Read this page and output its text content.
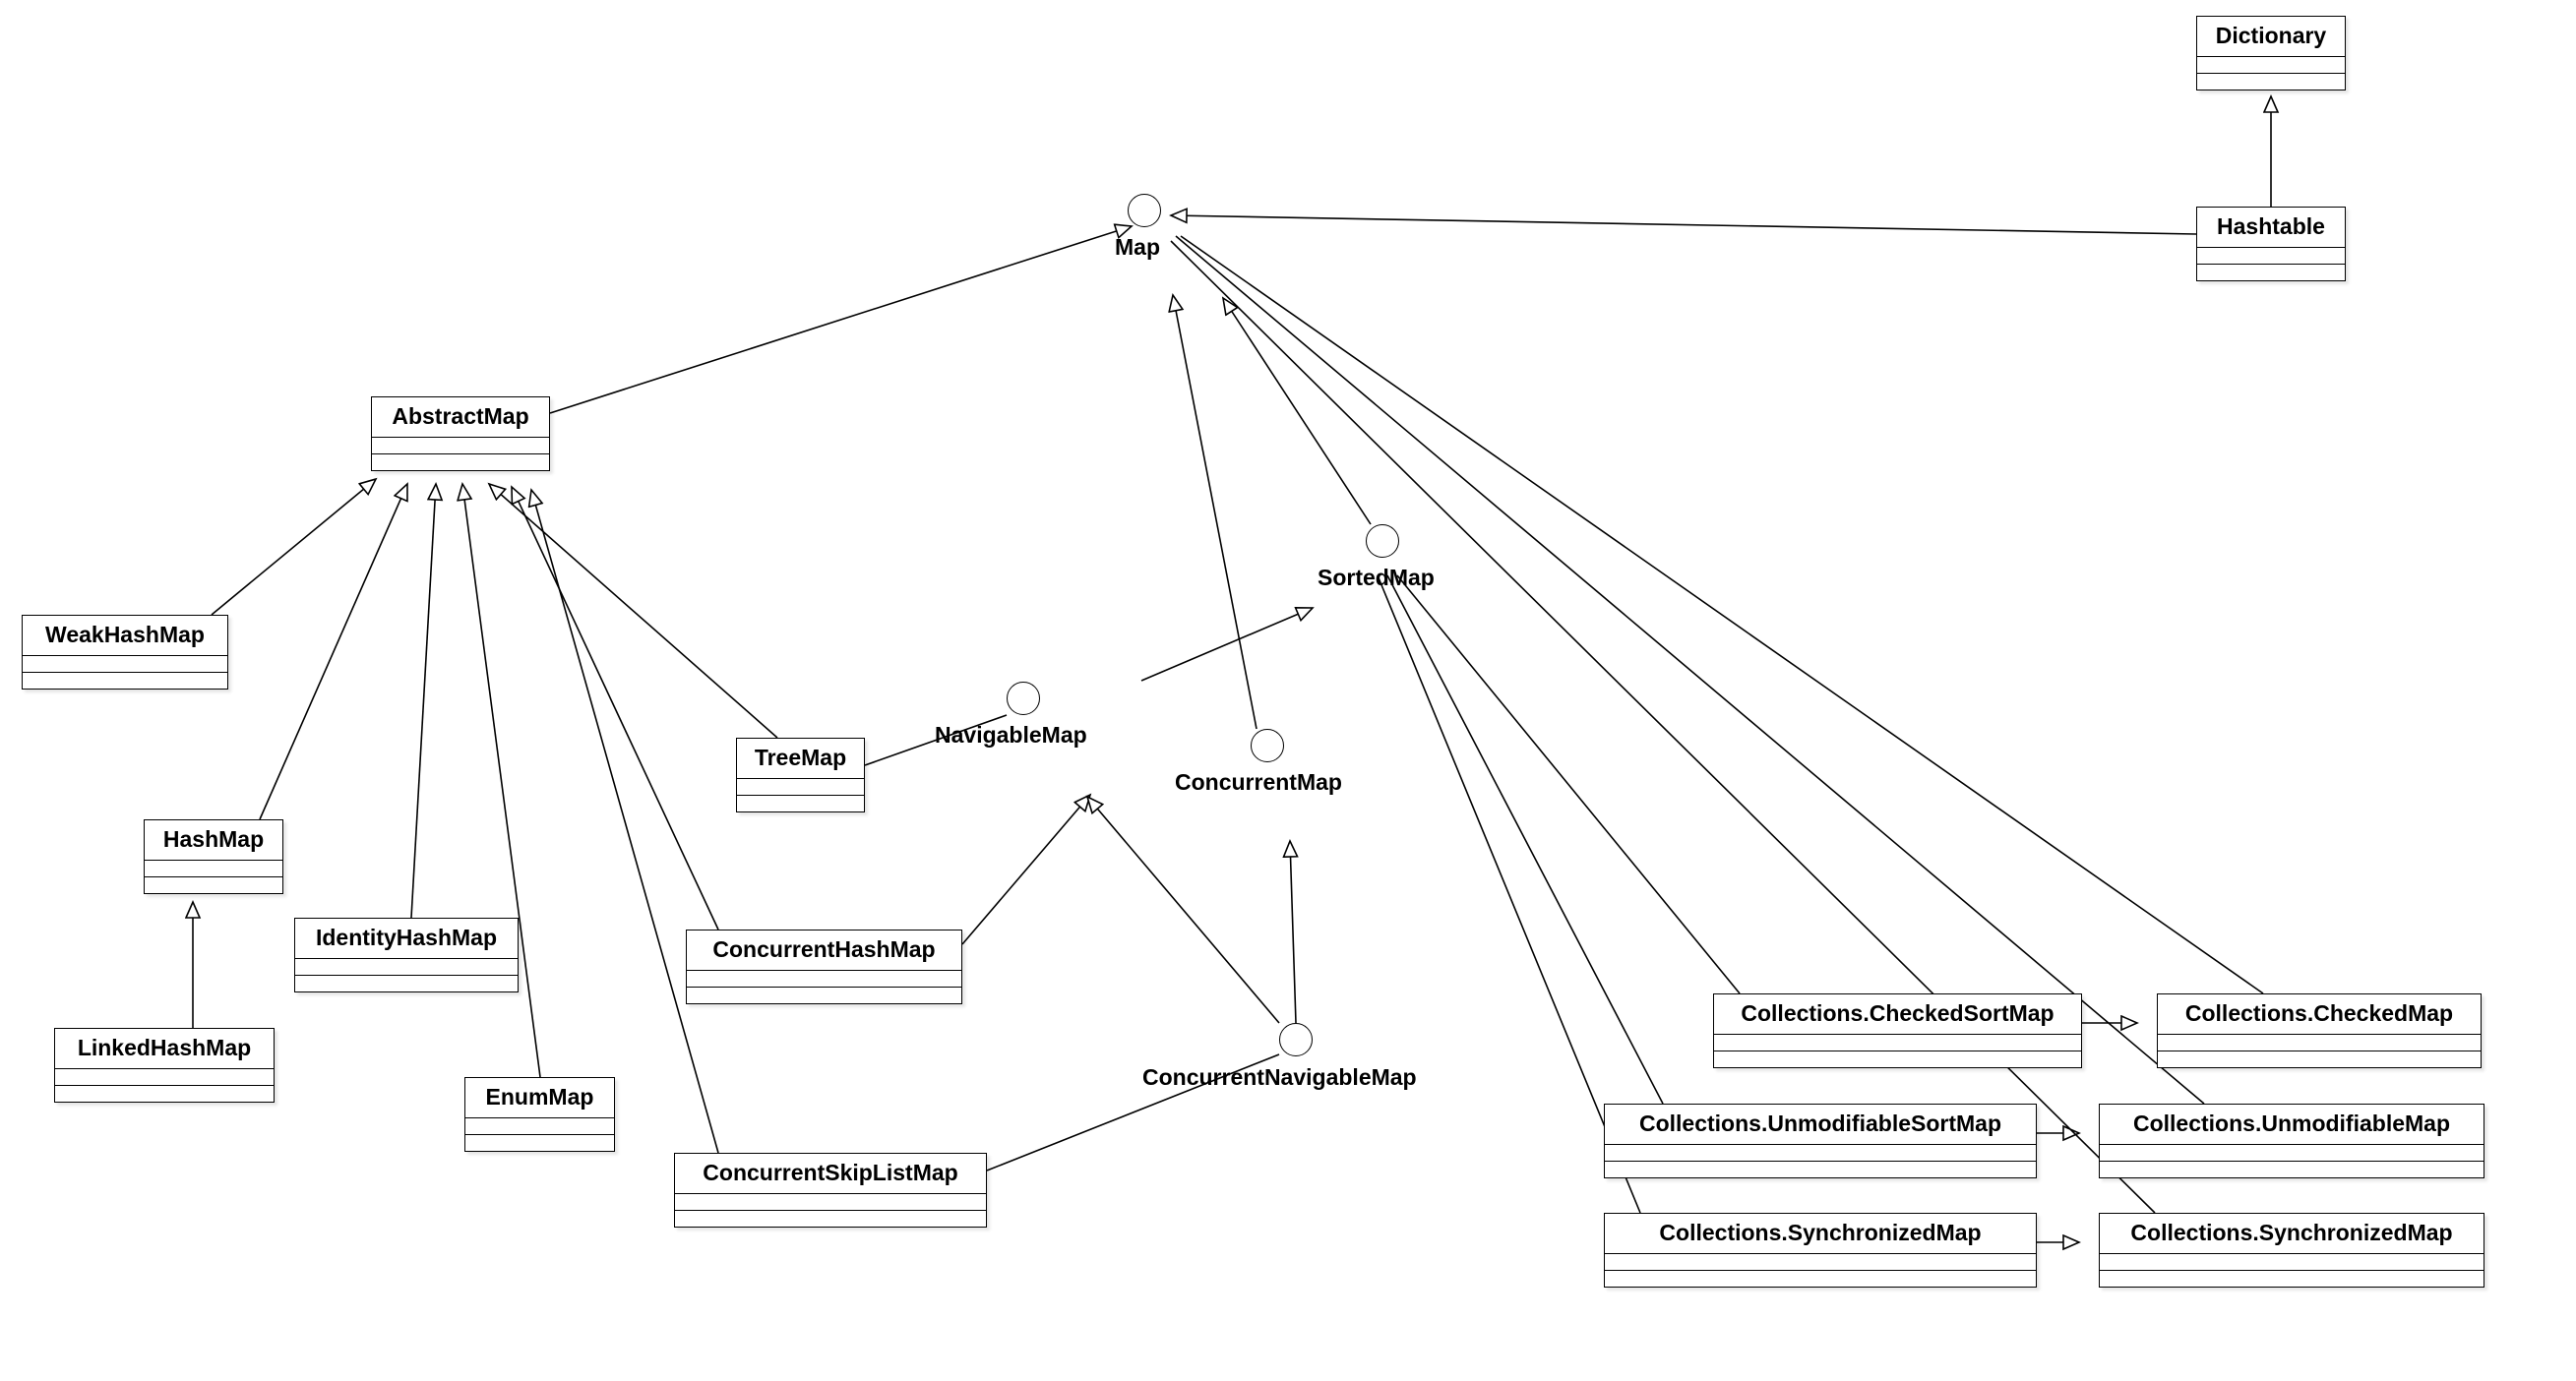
Dictionary
Hashtable
AbstractMap
WeakHashMap
HashMap
LinkedHashMap
IdentityHashMap
EnumMap
TreeMap
ConcurrentHashMap
ConcurrentSkipListMap
Collections.CheckedSortMap	Collections.CheckedMap
Collections.UnmodifiableSortMap	Collections.UnmodifiableMap
Collections.SynchronizedMap	Collections.SynchronizedMap
Map
SortedMap
NavigableMap
ConcurrentMap
ConcurrentNavigableMap
